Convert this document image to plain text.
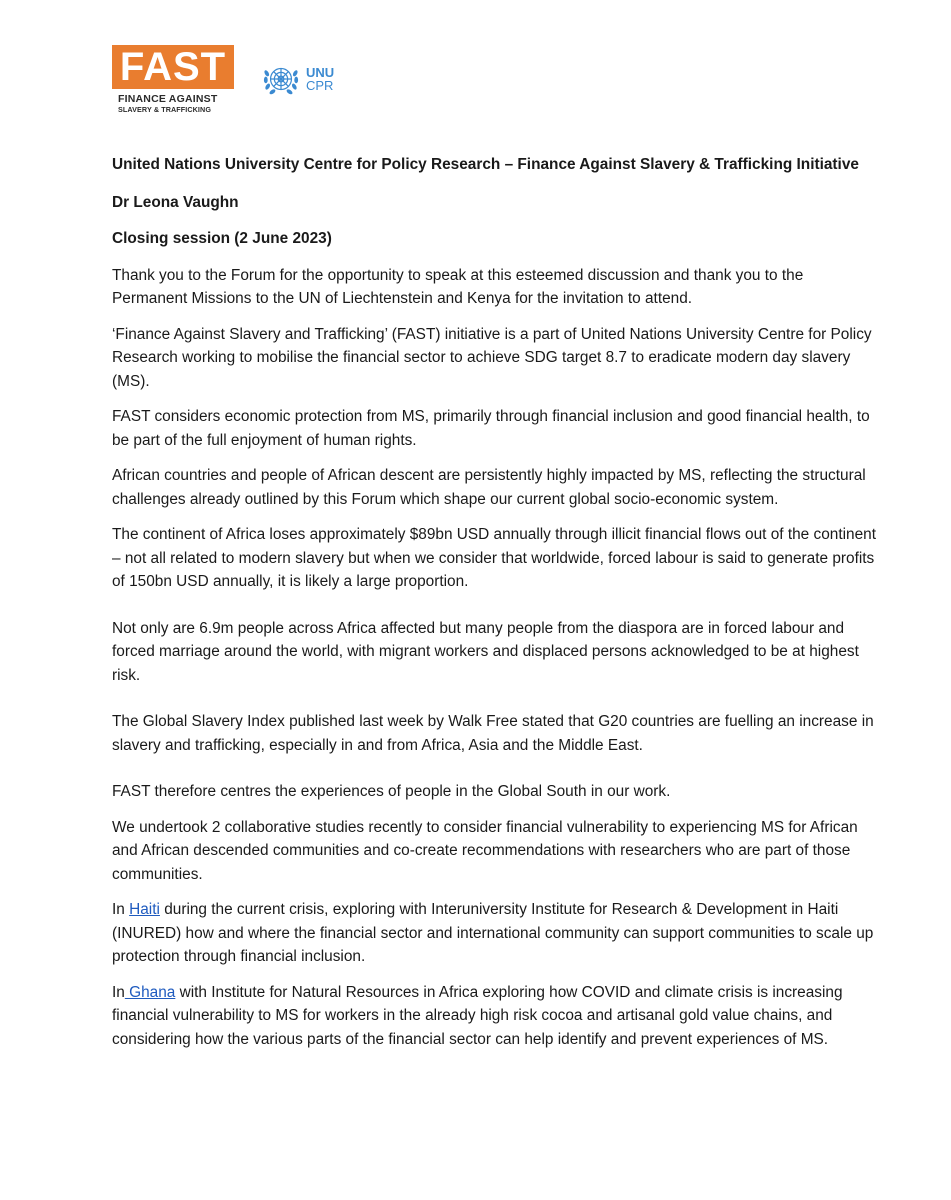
FAST
FINANCE AGAINST
SLAVERY & TRAFFICKING
UNU
CPR

United Nations University Centre for Policy Research – Finance Against Slavery & Trafficking Initiative

Dr Leona Vaughn

Closing session (2 June 2023)

Thank you to the Forum for the opportunity to speak at this esteemed discussion and thank you to the Permanent Missions to the UN of Liechtenstein and Kenya for the invitation to attend.

‘Finance Against Slavery and Trafficking’ (FAST) initiative is a part of United Nations University Centre for Policy Research working to mobilise the financial sector to achieve SDG target 8.7 to eradicate modern day slavery (MS).

FAST considers economic protection from MS, primarily through financial inclusion and good financial health, to be part of the full enjoyment of human rights.

African countries and people of African descent are persistently highly impacted by MS, reflecting the structural challenges already outlined by this Forum which shape our current global socio-economic system.

The continent of Africa loses approximately $89bn USD annually through illicit financial flows out of the continent – not all related to modern slavery but when we consider that worldwide, forced labour is said to generate profits of 150bn USD annually, it is likely a large proportion.

Not only are 6.9m people across Africa affected but many people from the diaspora are in forced labour and forced marriage around the world, with migrant workers and displaced persons acknowledged to be at highest risk.

The Global Slavery Index published last week by Walk Free stated that G20 countries are fuelling an increase in slavery and trafficking, especially in and from Africa, Asia and the Middle East.

FAST therefore centres the experiences of people in the Global South in our work.

We undertook 2 collaborative studies recently to consider financial vulnerability to experiencing MS for African and African descended communities and co-create recommendations with researchers who are part of those communities.

In Haiti during the current crisis, exploring with Interuniversity Institute for Research & Development in Haiti (INURED) how and where the financial sector and international community can support communities to scale up protection through financial inclusion.

In Ghana with Institute for Natural Resources in Africa exploring how COVID and climate crisis is increasing financial vulnerability to MS for workers in the already high risk cocoa and artisanal gold value chains, and considering how the various parts of the financial sector can help identify and prevent experiences of MS.
